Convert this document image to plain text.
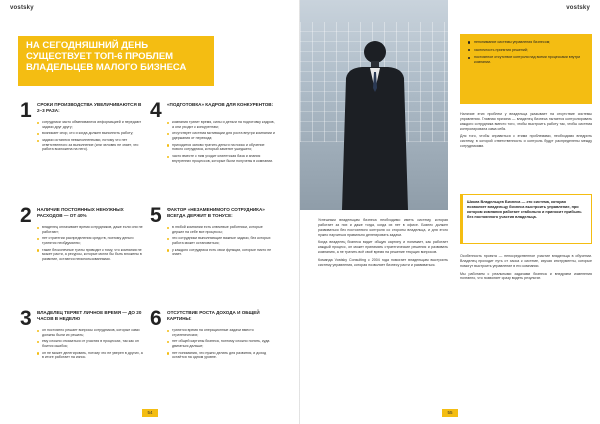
vostsky
НА СЕГОДНЯШНИЙ ДЕНЬ СУЩЕСТВУЕТ ТОП-6 ПРОБЛЕМ ВЛАДЕЛЬЦЕВ МАЛОГО БИЗНЕСА
1 СРОКИ ПРОИЗВОДСТВА УВЕЛИЧИВАЮТСЯ В 2–3 РАЗА:
сотрудники часто обмениваются информацией и передают задачи друг другу;
возникает спор, кто и когда должен выполнить работу;
задачи остаются невыполненными, потому что нет ответственного за выполнение (или человек не знает, что работа возложена на него).
4 «ПОДГОТОВКА» КАДРОВ ДЛЯ КОНКУРЕНТОВ:
компания тратит время, силы и деньги на подготовку кадров, а они уходят к конкурентам;
отсутствует система мотивации для роста внутри компании и удержания от перехода;
приходится заново тратить деньги на поиск и обучение нового сотрудника, который заменит ушедшего;
часто вместе с ним уходит клиентская база и знания внутренних процессов, которые были получены в компании.
2 НАЛИЧИЕ ПОСТОЯННЫХ НЕНУЖНЫХ РАСХОДОВ — ОТ 40%
владелец оплачивает время сотрудников, даже если они не работают;
нет стратегии распределения средств, поэтому деньги тратятся необдуманно;
такие бесконечные траты приводят к тому, что компания не может расти, а ресурсы, которые могли бы быть вложены в развитие, остаются неиспользованными.
5 ФАКТОР «НЕЗАМЕНИМОГО СОТРУДНИКА» ВСЕГДА ДЕРЖИТ В ТОНУСЕ:
в любой компании есть ключевые работники, которые держат на себе все процессы;
это сотрудники выполняющие важные задачи, без которых работа может остановиться;
у каждого сотрудника есть свои функции, которые никто не знает.
3 ВЛАДЕЛЕЦ ТЕРЯЕТ ЛИЧНОЕ ВРЕМЯ — ДО 20 ЧАСОВ В НЕДЕЛЮ
он постоянно решает вопросы сотрудников, которые сами должны были их решать;
ему сложно отказаться от участия в процессах, так как он боится ошибок;
он не может делегировать, потому что не уверен в других, а в итоге работает на износ.
6 ОТСУТСТВИЕ РОСТА ДОХОДА И ОБЩЕЙ КАРТИНЫ:
тратится время на операционные задачи вместо стратегических;
нет общей картины бизнеса, поэтому сложно понять, куда двигаться дальше;
нет понимания, что нужно делать для развития, и доход остаётся на одном уровне.
54
vostsky
непонимание системы управления бизнесом;
хаотичность принятия решений;
постоянное отсутствие контроля над всеми процессами внутри компании.

Наличие этих проблем у владельца указывает на отсутствие системы управления. Главная причина — владелец бизнеса пытается контролировать каждого сотрудника вместо того, чтобы выстроить работу так, чтобы система контролировала сама себя.

Для того, чтобы справиться с этими проблемами, необходимо внедрить систему, в которой ответственность и контроль будут распределены между сотрудниками.

Школа Владельцев Бизнеса — это система, которая позволяет владельцу бизнеса выстроить управление, при котором компания работает стабильно и приносит прибыль без постоянного участия владельца.

Успешным владельцам бизнеса необходимо иметь систему, которая работает за них и даже тогда, когда их нет в офисе. Бизнес должен развиваться без постоянного контроля со стороны владельца, и для этого нужно научиться правильно делегировать задачи.

Когда владелец бизнеса видит общую картину и понимает, как работает каждый процесс, он может принимать стратегические решения и развивать компанию, а не тратить всё своё время на решение текущих вопросов.

Команда Vostsky Consulting с 2004 года помогает владельцам выстроить систему управления, которая позволяет бизнесу расти и развиваться.

Особенность проекта — непосредственное участие владельца в обучении. Владелец проходит путь от хаоса к системе, изучая инструменты, которые помогут выстроить управление в его компании.

Мы работаем с реальными задачами бизнеса и внедряем изменения поэтапно, что позволяет сразу видеть результат.

55
